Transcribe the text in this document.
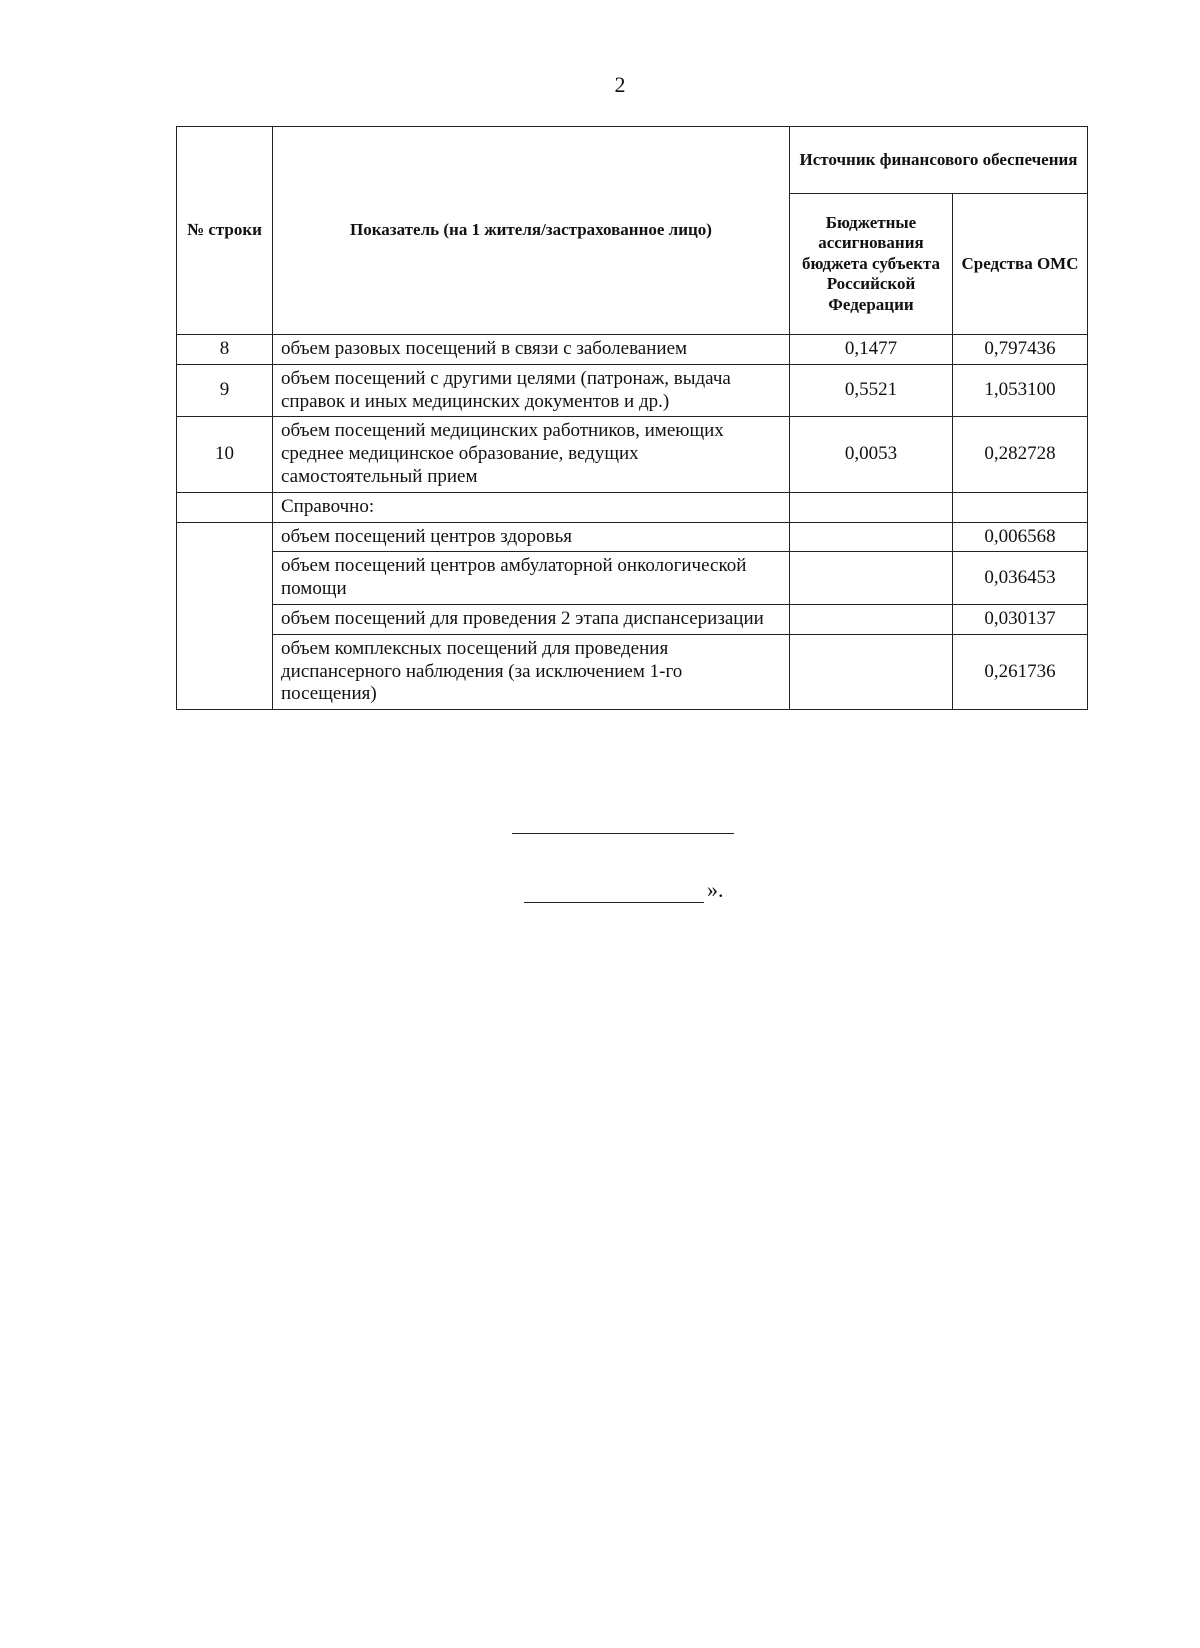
2
№ строки	Показатель (на 1 жителя/застрахованное лицо)	Источник финансового обеспечения	
		Бюджетные ассигнования бюджета субъекта Российской Федерации	Средства ОМС
8	объем разовых посещений в связи с заболеванием	0,1477	0,797436
9	объем посещений с другими целями (патронаж, выдача справок и иных медицинских документов и др.)	0,5521	1,053100
10	объем посещений медицинских работников, имеющих среднее медицинское образование, ведущих самостоятельный прием	0,0053	0,282728
	Справочно:		
	объем посещений центров здоровья		0,006568
	объем посещений центров амбулаторной онкологической помощи		0,036453
	объем посещений для проведения 2 этапа диспансеризации		0,030137
	объем комплексных посещений для проведения диспансерного наблюдения (за исключением 1-го посещения)		0,261736
».
